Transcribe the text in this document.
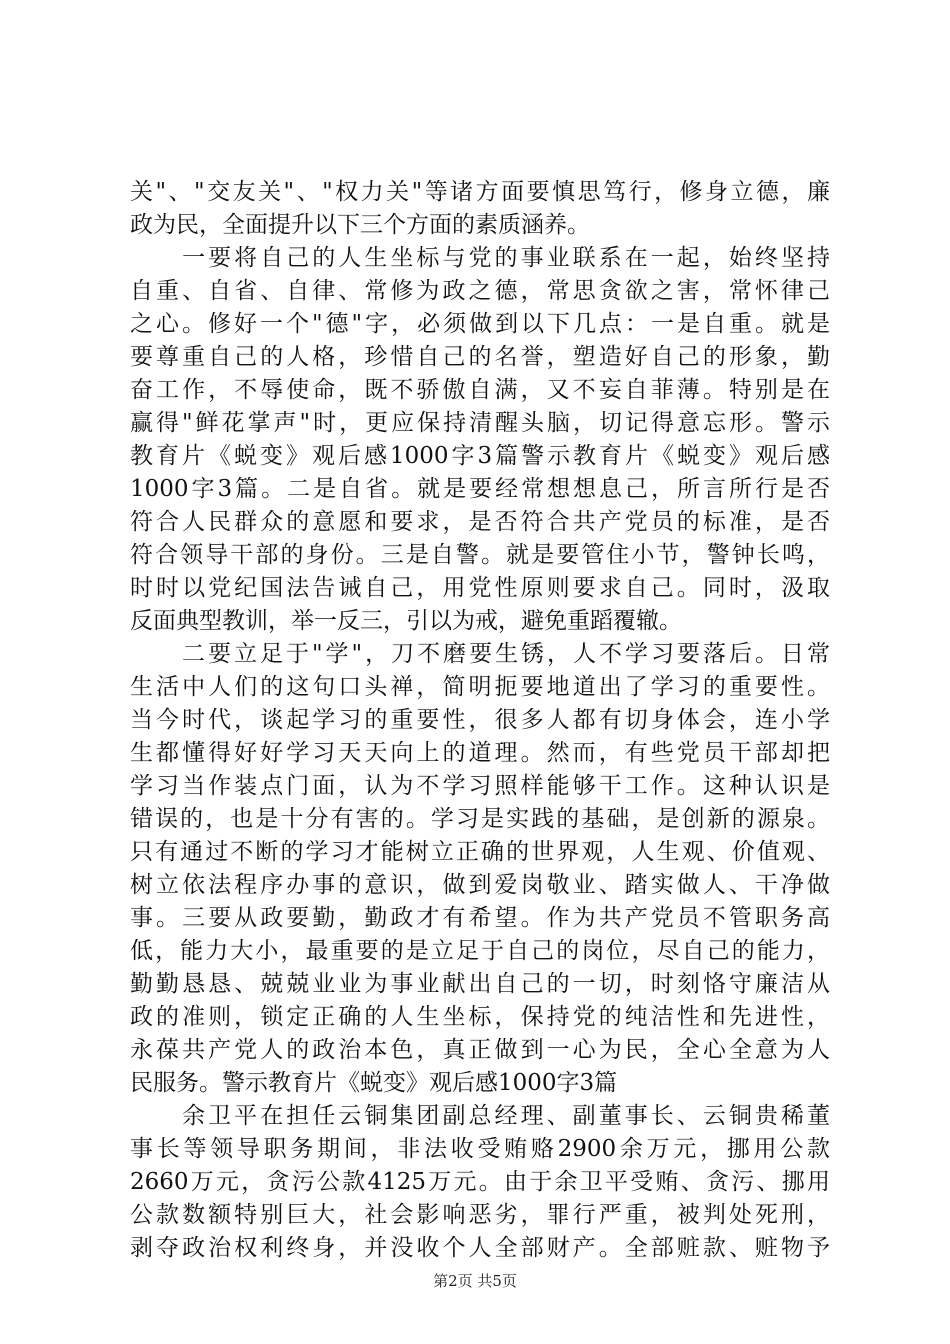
关"、"交友关"、"权力关"等诸方面要慎思笃行，修身立德，廉
政为民，全面提升以下三个方面的素质涵养。
　　一要将自己的人生坐标与党的事业联系在一起，始终坚持
自重、自省、自律、常修为政之德，常思贪欲之害，常怀律己
之心。修好一个"德"字，必须做到以下几点：一是自重。就是
要尊重自己的人格，珍惜自己的名誉，塑造好自己的形象，勤
奋工作，不辱使命，既不骄傲自满，又不妄自菲薄。特别是在
赢得"鲜花掌声"时，更应保持清醒头脑，切记得意忘形。警示
教育片《蜕变》观后感1000字3篇警示教育片《蜕变》观后感
1000字3篇。二是自省。就是要经常想想息己，所言所行是否
符合人民群众的意愿和要求，是否符合共产党员的标准，是否
符合领导干部的身份。三是自警。就是要管住小节，警钟长鸣，
时时以党纪国法告诫自己，用党性原则要求自己。同时，汲取
反面典型教训，举一反三，引以为戒，避免重蹈覆辙。
　　二要立足于"学"，刀不磨要生锈，人不学习要落后。日常
生活中人们的这句口头禅，简明扼要地道出了学习的重要性。
当今时代，谈起学习的重要性，很多人都有切身体会，连小学
生都懂得好好学习天天向上的道理。然而，有些党员干部却把
学习当作装点门面，认为不学习照样能够干工作。这种认识是
错误的，也是十分有害的。学习是实践的基础，是创新的源泉。
只有通过不断的学习才能树立正确的世界观，人生观、价值观、
树立依法程序办事的意识，做到爱岗敬业、踏实做人、干净做
事。三要从政要勤，勤政才有希望。作为共产党员不管职务高
低，能力大小，最重要的是立足于自己的岗位，尽自己的能力，
勤勤恳恳、兢兢业业为事业献出自己的一切，时刻恪守廉洁从
政的准则，锁定正确的人生坐标，保持党的纯洁性和先进性，
永葆共产党人的政治本色，真正做到一心为民，全心全意为人
民服务。警示教育片《蜕变》观后感1000字3篇
　　余卫平在担任云铜集团副总经理、副董事长、云铜贵稀董
事长等领导职务期间，非法收受贿赂2900余万元，挪用公款
2660万元，贪污公款4125万元。由于余卫平受贿、贪污、挪用
公款数额特别巨大，社会影响恶劣，罪行严重，被判处死刑，
剥夺政治权利终身，并没收个人全部财产。全部赃款、赃物予
第2页 共5页
